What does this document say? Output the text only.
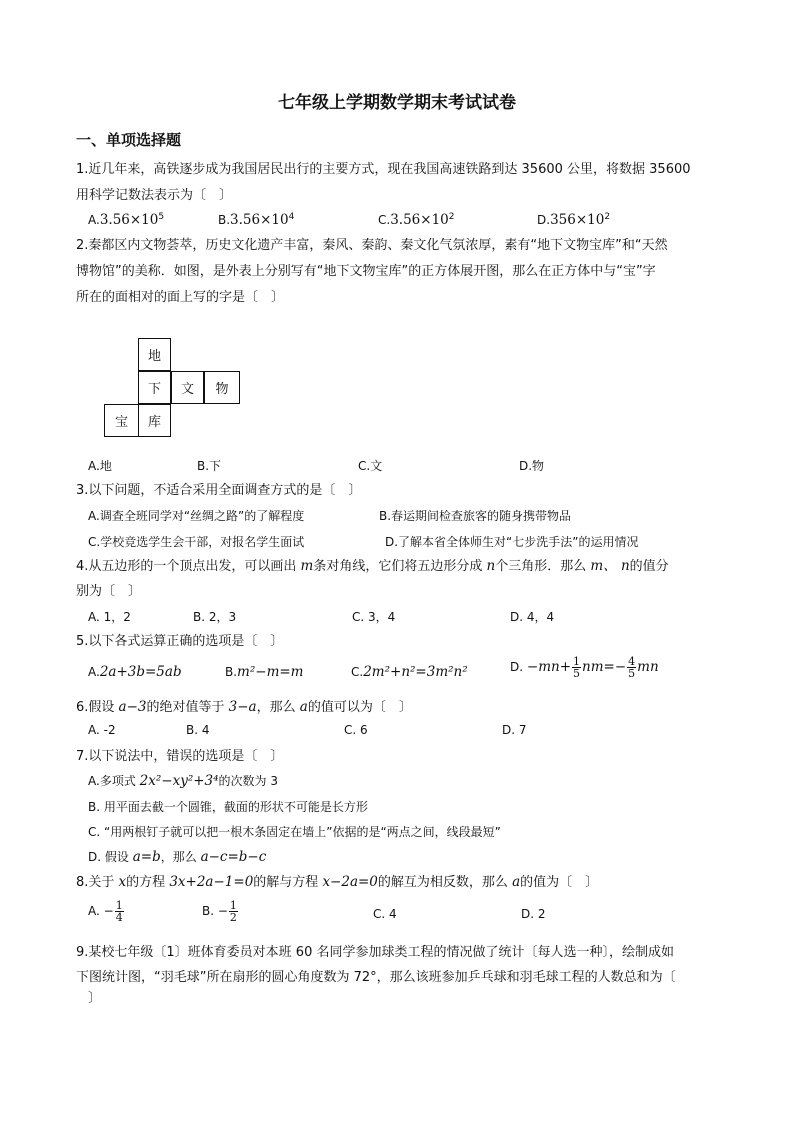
七年级上学期数学期末考试试卷
一、单项选择题
1.近几年来，高铁逐步成为我国居民出行的主要方式，现在我国高速铁路到达 35600 公里，将数据 35600
用科学记数法表示为〔　〕
$A.3.56\times 10^5$	$B.3.56\times 10^4$	$C.3.56\times 10^2$	$D.356\times 10^2$
2.秦都区内文物荟萃，历史文化遗产丰富，秦风、秦韵、秦文化气氛浓厚，素有“地下文物宝库”和“天然
博物馆”的美称．如图，是外表上分别写有“地下文物宝库”的正方体展开图，那么在正方体中与“宝”字
所在的面相对的面上写的字是〔　〕
地
下	文	物
宝	库
A.地	B.下	C.文	D.物
3.以下问题，不适合采用全面调查方式的是〔　〕
A.调查全班同学对“丝绸之路”的了解程度	B.春运期间检查旅客的随身携带物品
C.学校竞选学生会干部，对报名学生面试	D.了解本省全体师生对“七步洗手法”的运用情况
4.从五边形的一个顶点出发，可以画出 m条对角线，它们将五边形分成 n个三角形．那么 m、 n的值分
别为〔　〕
A. 1，2	B. 2，3	C. 3，4	D. 4，4
5.以下各式运算正确的选项是〔　〕
A.2a+3b=5ab	B.m²−m=m	C.2m²+n²=3m²n²	D. $-mn+ \frac{1}{5} nm=- \frac{4}{5}$ mn
6.假设 a−3的绝对值等于 3−a，那么 a的值可以为〔　〕
A. -2	B. 4	C. 6	D. 7
7.以下说法中，错误的选项是〔　〕
A.多项式 2x²−xy²+3⁴的次数为 3
B. 用平面去截一个圆锥，截面的形状不可能是长方形
C. “用两根钉子就可以把一根木条固定在墙上”依据的是“两点之间，线段最短”
D. 假设 a=b，那么 a−c=b−c
8.关于 x的方程 3x+2a−1=0的解与方程 x−2a=0的解互为相反数，那么 a的值为〔　〕
A. − $\frac{1}{4}$	B. − $\frac{1}{2}$	C. 4	D. 2
9.某校七年级〔1〕班体育委员对本班 60 名同学参加球类工程的情况做了统计〔每人选一种〕，绘制成如
下图统计图，“羽毛球”所在扇形的圆心角度数为 72°，那么该班参加乒乓球和羽毛球工程的人数总和为〔
〕
